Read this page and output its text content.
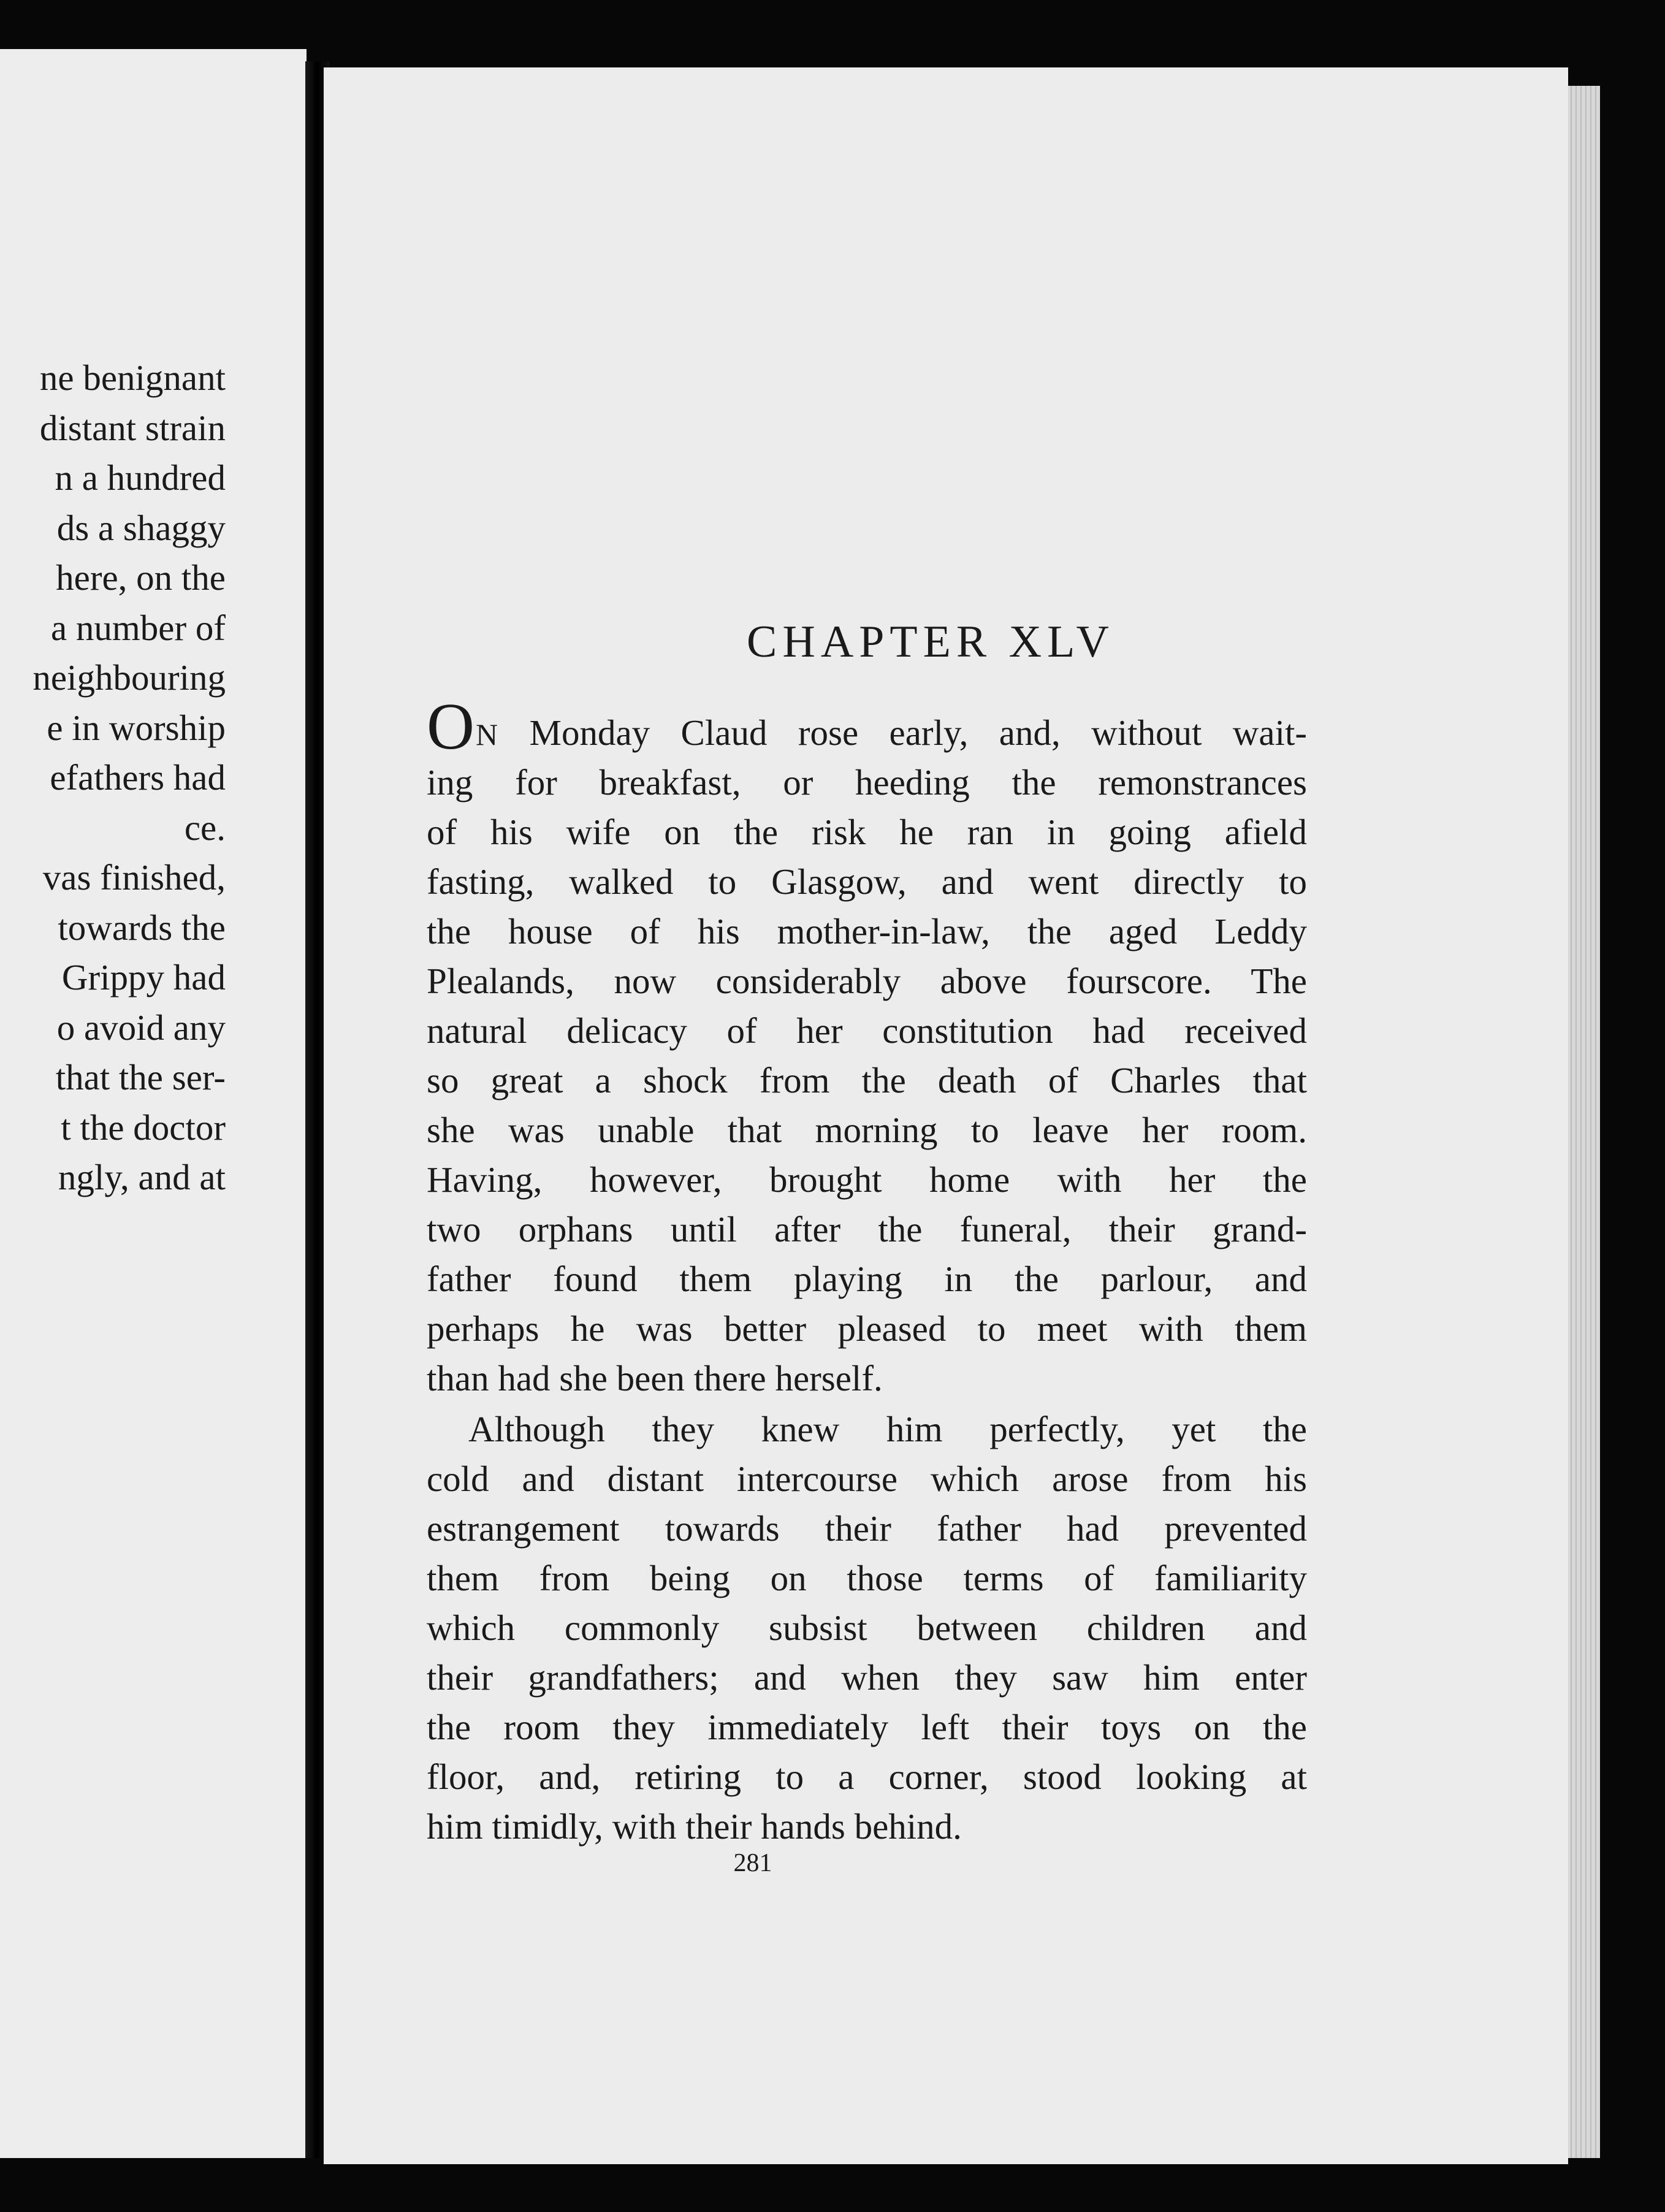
ne benignant
distant strain
n a hundred
ds a shaggy
here, on the
a number of
neighbouring
e in worship
efathers had
ce.
vas finished,
towards the
Grippy had
o avoid any
that the ser-
t the doctor
ngly, and at
CHAPTER XLV
ON Monday Claud rose early, and, without wait-
ing for breakfast, or heeding the remonstrances
of his wife on the risk he ran in going afield
fasting, walked to Glasgow, and went directly to
the house of his mother-in-law, the aged Leddy
Plealands, now considerably above fourscore. The
natural delicacy of her constitution had received
so great a shock from the death of Charles that
she was unable that morning to leave her room.
Having, however, brought home with her the
two orphans until after the funeral, their grand-
father found them playing in the parlour, and
perhaps he was better pleased to meet with them
than had she been there herself.
Although they knew him perfectly, yet the
cold and distant intercourse which arose from his
estrangement towards their father had prevented
them from being on those terms of familiarity
which commonly subsist between children and
their grandfathers; and when they saw him enter
the room they immediately left their toys on the
floor, and, retiring to a corner, stood looking at
him timidly, with their hands behind.
281
